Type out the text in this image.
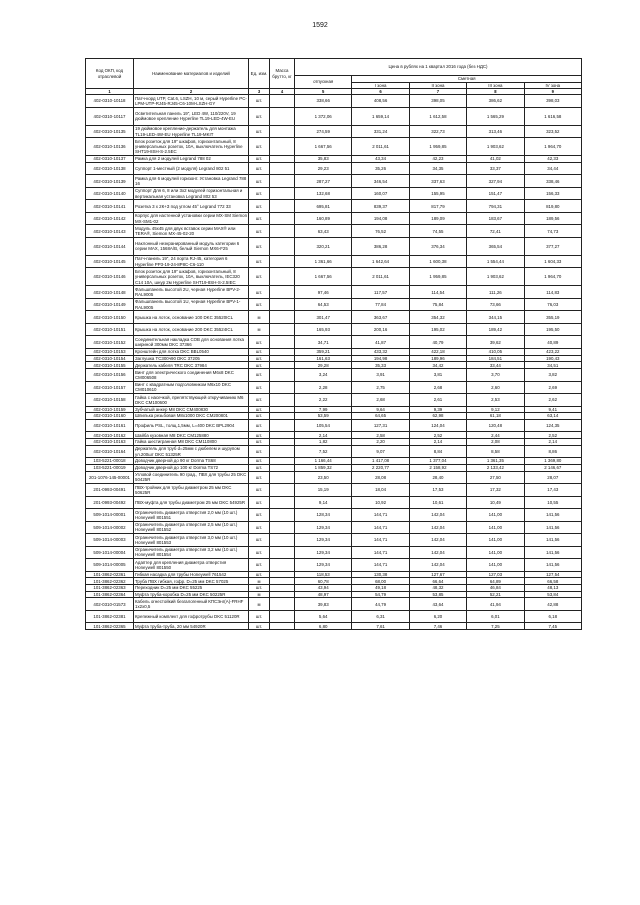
1592
Код ОКП, код отраслевой	Наименование материалов и изделий	Ед. изм.	Масса брутто, кг	Цена в рублях на 1 квартал 2016 года (без НДС)				
				отпускная	Сметная			
					I зона	II зона	III зона	IV зона
1	2	3	4	5	6	7	8	9
402-0310-10118	Патч-корд UTP, Cat.6, LSZH, 10 м, серый Hyperline PC-LPM-UTP-RJ45-RJ45-C6-10M-LSZH-GY	шт.		338,66	408,56	398,05	386,62	398,03
402-0310-10117	Осветительная панель 19", LED 4W, 110/220V, 19 дюймовое крепление Hyperline TL19-LED-4W-EU	шт.		1 372,06	1 659,14	1 612,58	1 565,29	1 616,58
402-0310-10135	19 дюймовое крепление-держатель для монтажа TL19-LED-4W-EU Hyperline TL19-MKIT	шт.		274,59	331,24	322,73	313,46	323,52
402-0310-10136	Блок розеток для 19" шкафов, горизонтальный, 8 универсальных розеток, 10А, выключатель Hyperline SHT19-8SH-S-2.5EC	шт.		1 667,56	2 011,61	1 959,85	1 903,62	1 964,70
402-0310-10137	Рамка для 2 модулей Legrand 788 02	шт.		35,83	43,34	42,23	41,02	42,33
402-0310-10138	Суппорт 1-местный (2 модуля) Legrand 802 51	шт.		29,23	35,26	34,35	33,37	34,44
402-0310-10139	Рамка для 6 модулей горизонт. Установка Legrand 788 16	шт.		287,27	346,54	337,63	327,94	338,46
402-0310-10140	Суппорт Для 6, 8 или 3х2 модулей горизонтальная и вертикальная установка Legrand 802 53	шт.		132,68	160,07	155,95	151,47	156,33
402-0310-10141	Розетка 3 х 2К+З под углом 45° Legrand 772 33	шт.		695,81	839,37	817,79	794,31	819,80
402-0310-10142	Корпус для настенной установки серии MX-SM Siemon MX-SM1-02	шт.		160,89	194,08	189,09	183,67	189,56
402-0310-10143	Модуль 45х45 для двух вставок серии MAX® или TERA®, Siemon MX-45-02-20	шт.		63,43	76,52	74,55	72,41	74,73
402-0310-10144	Наклонный неэкранированный модуль категории 6 серии MAX, 1568A/B, белый Siemon MX6-F25	шт.		320,21	386,28	376,34	365,54	377,27
402-0310-10145	Патч-панель 19", 24 порта RJ-45, категория 6 Hyperline PP3-19-24-8P8C-C6-110	шт.		1 361,66	1 642,64	1 600,38	1 554,44	1 604,33
402-0310-10146	Блок розеток для 19" шкафов, горизонтальный, 8 универсальных розеток, 10А, выключатель, IEC320 C14 10A, шнур 2м Hyperline SHT19-8SH-S-2.5IEC	шт.		1 667,56	2 011,61	1 959,85	1 903,62	1 964,70
402-0310-10148	Фальшпанель высотой 2U, черная Hyperline BPV-2-RAL9005	шт.		97,46	117,57	114,54	111,26	114,83
402-0310-10149	Фальшпанель высотой 1U, черная Hyperline BPV-1-RAL9005	шт.		64,53	77,84	75,84	73,66	76,03
402-0310-10150	Крышка на лоток, основание 100 DKC 35520ICL	м		301,47	363,67	354,32	344,15	355,19
402-0310-10151	Крышка на лоток, основание 200 DKC 35524ICL	м		165,93	200,16	195,02	189,42	195,50
402-0310-10152	Соединительная накладка СОВ для основания лотка шириной 300мм DKC 37366	шт.		34,71	41,87	40,79	39,62	40,89
402-0310-10153	Кронштейн для лотка DKC BBL0540	шт.		359,21	433,32	422,18	410,05	423,22
402-0310-10154	Заглушка TC300ч90 DKC 37205	шт.		161,63	194,98	189,96	184,51	190,43
402-0310-10155	Держатель кабеля TRC DKC 37984	шт.		29,28	35,33	34,42	33,44	34,51
402-0310-10156	Винт для электрического соединения М6х8 DKC CM006508	шт.		3,24	3,91	3,81	3,70	3,82
402-0310-10157	Винт с квадратным подголовником М6х10 DKC CM010610	шт.		2,28	2,75	2,68	2,60	2,69
402-0310-10158	Гайка с насечкой, препятствующей откручиванию М6 DKC CM100600	шт.		2,22	2,68	2,61	2,53	2,62
402-0310-10159	Зубчатый анкер М8 DKC CM400830	шт.		7,99	9,64	9,39	9,12	9,41
402-0310-10160	Шпилька резьбовая М8х1000 DKC CM200801	шт.		53,59	64,65	62,98	61,18	63,14
402-0310-10161	Профиль PSL, толщ.1,5мм, L=400 DKC BPL2904	шт.		105,54	127,31	124,04	120,48	124,35
402-0310-10162	Шайба кузовная М8 DKC CM125880	шт.		2,14	2,58	2,52	2,44	2,52
402-0310-10163	Гайка шестигранная М8 DKC CM110800	шт.		1,82	2,20	2,14	2,08	2,14
402-0310-10164	Держатель для труб d=25мм с дюбелем и шурупом ул.200шт DKC 51325R	шт.		7,52	9,07	8,84	8,58	8,86
103-5221-00018	Доводчик дверной до 90 кг Dorma TS68	шт.		1 166,44	1 417,08	1 377,04	1 361,35	1 369,80
103-5221-00019	Доводчик дверной до 100 кг Dorma TS72	шт.		1 859,32	2 220,77	2 158,92	2 133,42	2 146,67
201-1076-145-00001	Угловой соединитель 90 град., ПВХ для трубы 25 DKC 50425R	шт.		23,50	28,08	28,40	27,50	28,07
201-0993-00491	ПВХ-тройник для трубы диаметром 25 мм DKC 50625R	шт.		15,19	18,04	17,53	17,32	17,43
201-0993-00492	ПВХ-муфта для трубы диаметром 25 мм DKC 54925R	шт.		9,14	10,92	10,61	10,49	10,55
509-1014-00001	Ограничитель диаметра отверстия 2,0 мм (10 шт.) Honeywell 801551	шт.		128,34	144,71	142,04	141,00	141,56
509-1014-00002	Ограничитель диаметра отверстия 2,5 мм (10 шт.) Honeywell 801552	шт.		129,34	144,71	142,04	141,00	141,56
509-1014-00003	Ограничитель диаметра отверстия 3,0 мм (10 шт.) Honeywell 801553	шт.		129,34	144,71	142,04	141,00	141,56
509-1014-00004	Ограничитель диаметра отверстия 3,2 мм (10 шт.) Honeywell 801554	шт.		129,34	144,71	142,04	141,00	141,56
509-1014-00005	Адаптер для крепления диаметра отверстия Honeywell 801550	шт.		129,34	144,71	142,04	141,00	141,56
101-3862-02361	Гибкая насадка для трубы Honeywell 761542	шт.		118,53	130,38	127,67	127,03	127,54
101-3862-02362	Труба ПВХ гибкая, гофр. D=25 мм DKC 57025	м		60,78	68,00	66,64	64,89	66,58
101-3862-02363	Переходник D=25 мм DKC 55225	шт.		43,94	49,18	48,32	46,84	48,13
101-3862-02364	Муфта труба-коробка D=25 мм DKC 50225R	м		48,97	54,79	53,85	52,21	53,84
402-0310-01573	Кабель огнестойкий безгалогенный КПСЭнг(А)-FRHF 1х2х0,5	м		39,83	44,79	43,64	41,94	42,88
101-3862-02381	Крепежный комплект для гофротрубы DKC 51120R	шт.		5,64	6,31	6,20	6,01	6,18
101-3862-02365	Муфта труба-труба, 20 мм 54920R	шт.		6,80	7,61	7,46	7,25	7,45
